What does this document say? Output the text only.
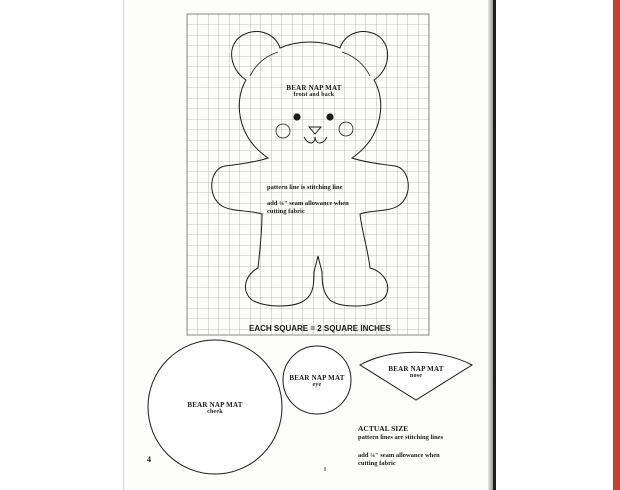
BEAR NAP MAT
front and back
pattern line is stitching line
add ¼" seam allowance when
cutting fabric
EACH SQUARE = 2 SQUARE INCHES
BEAR NAP MAT
cheek
BEAR NAP MAT
eye
BEAR NAP MAT
nose
ACTUAL SIZE
pattern lines are stitching lines
add ¼" seam allowance when
cutting fabric
4
